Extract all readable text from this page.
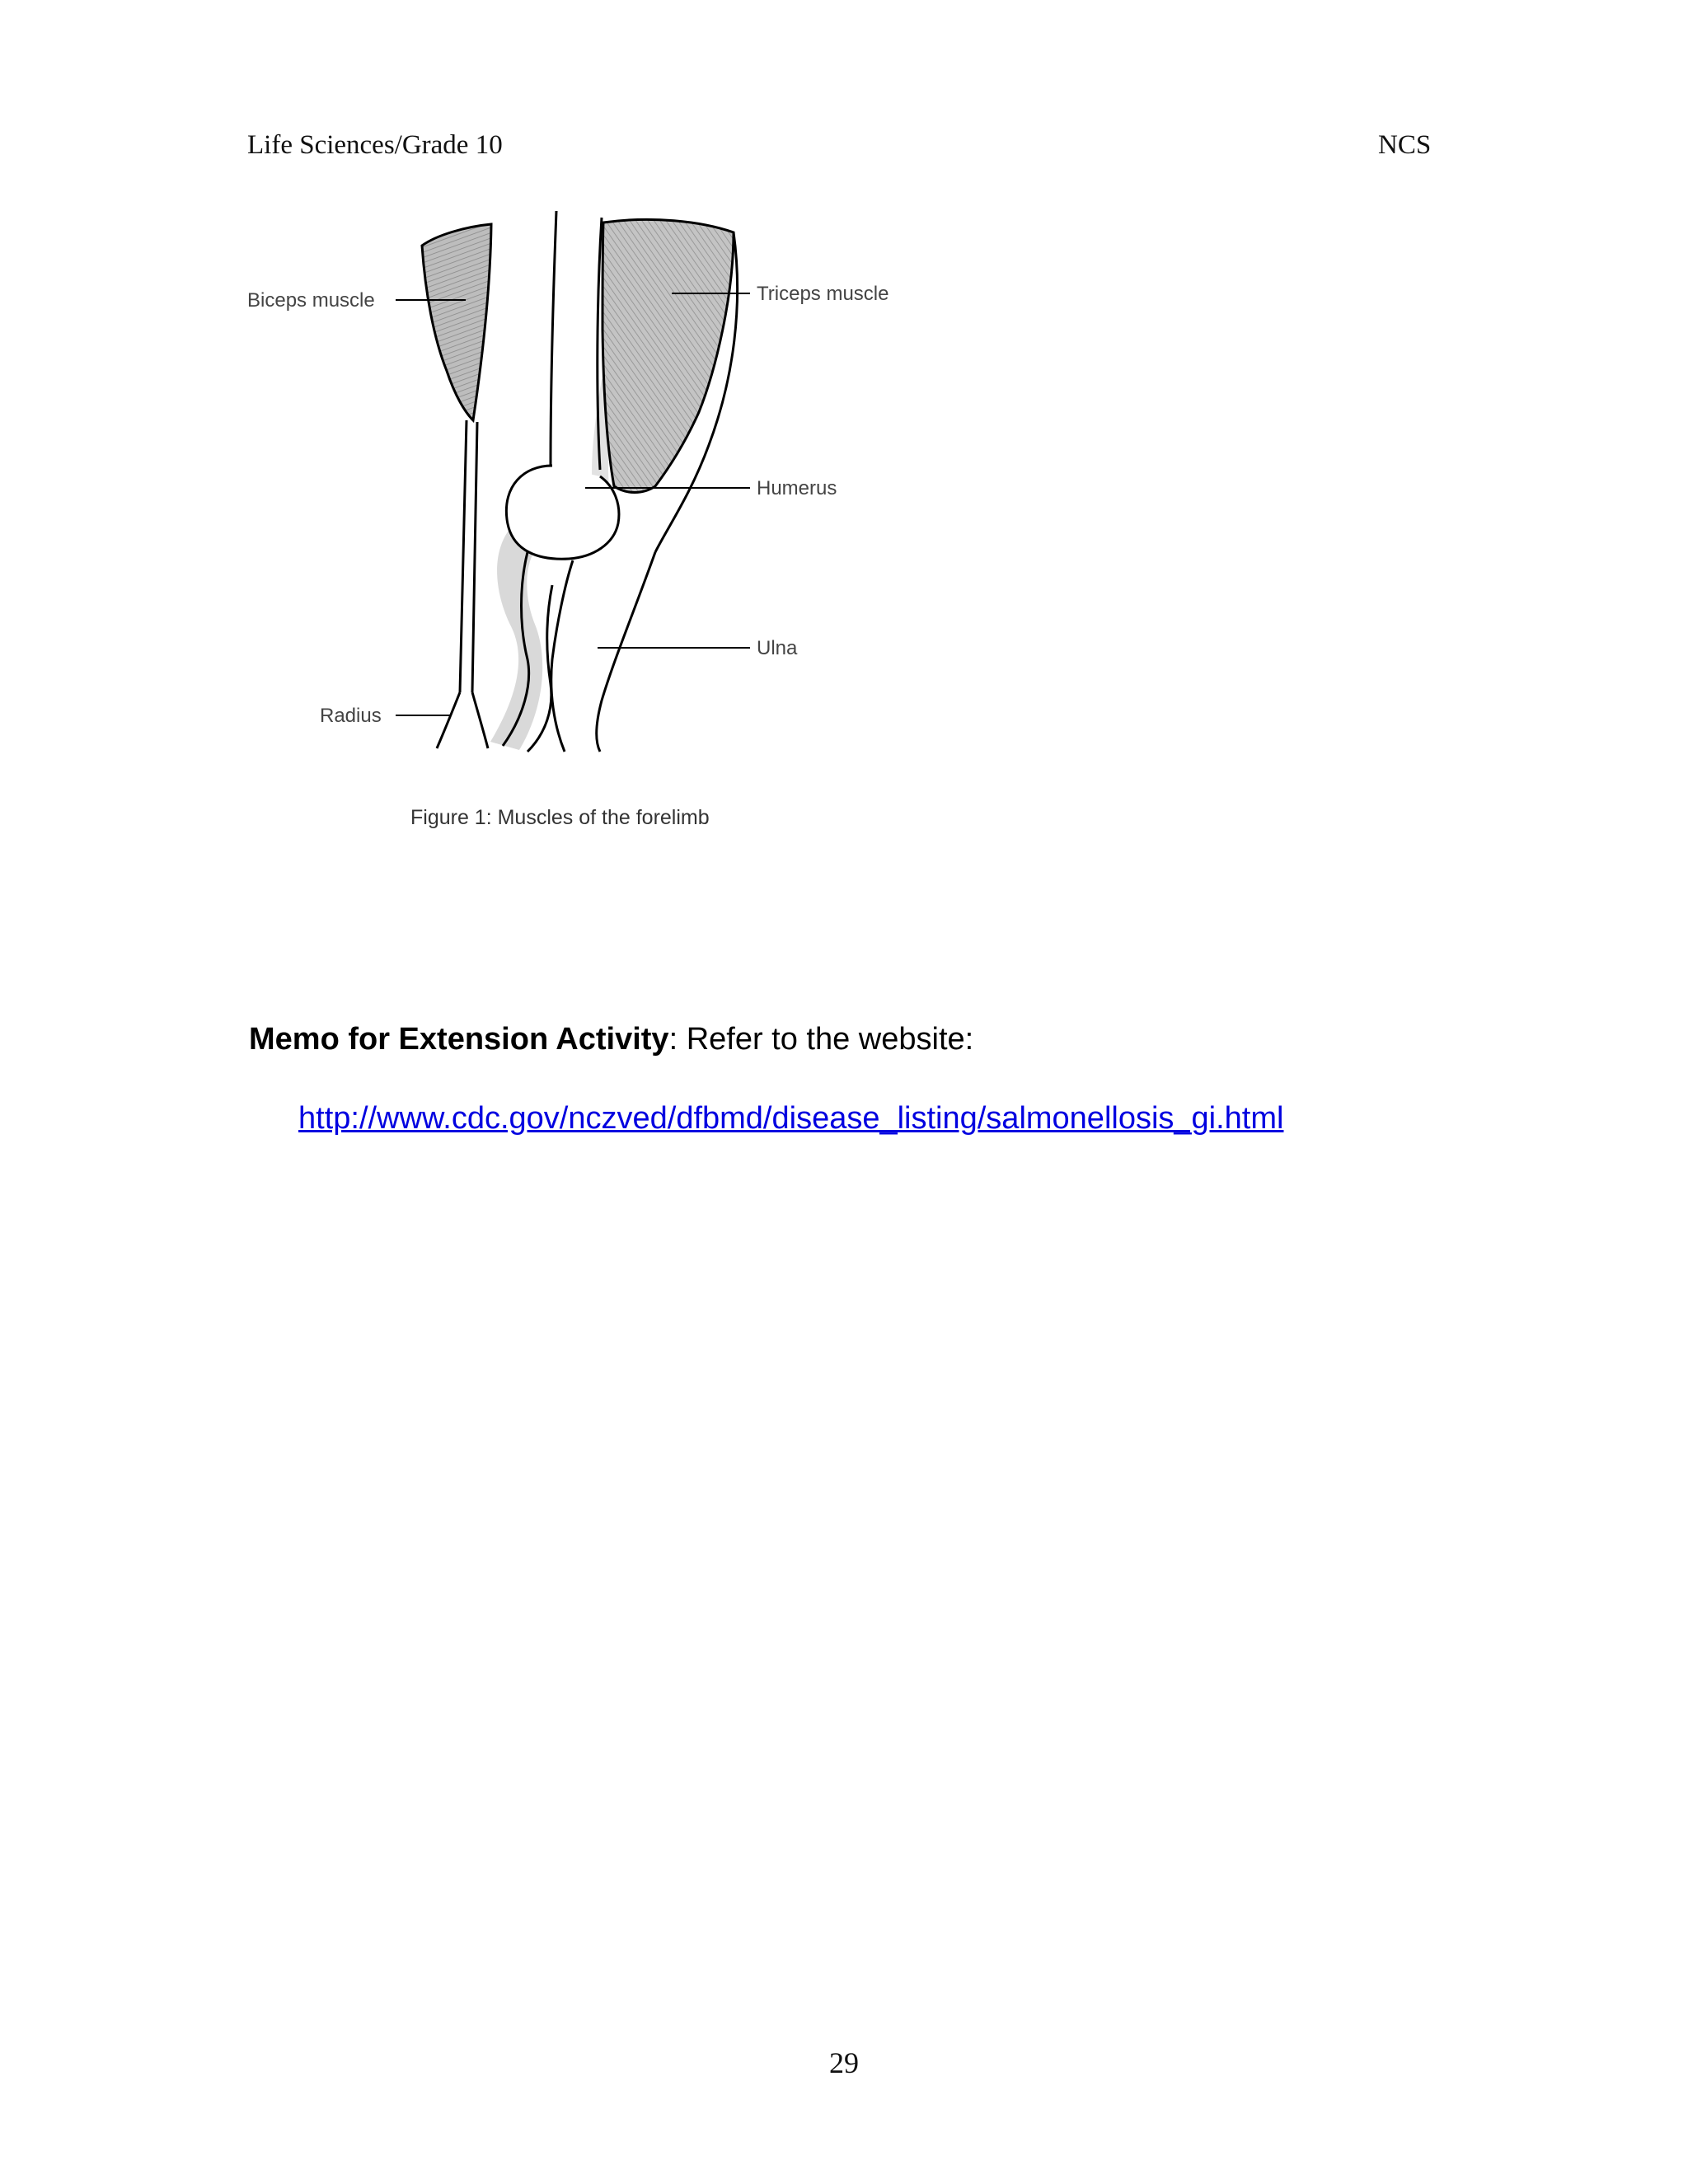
Life Sciences/Grade 10	NCS
Biceps muscle	Triceps muscle
Humerus
Ulna
Radius
Figure 1: Muscles of the forelimb
Memo for Extension Activity: Refer to the website:
http://www.cdc.gov/nczved/dfbmd/disease_listing/salmonellosis_gi.html
29
